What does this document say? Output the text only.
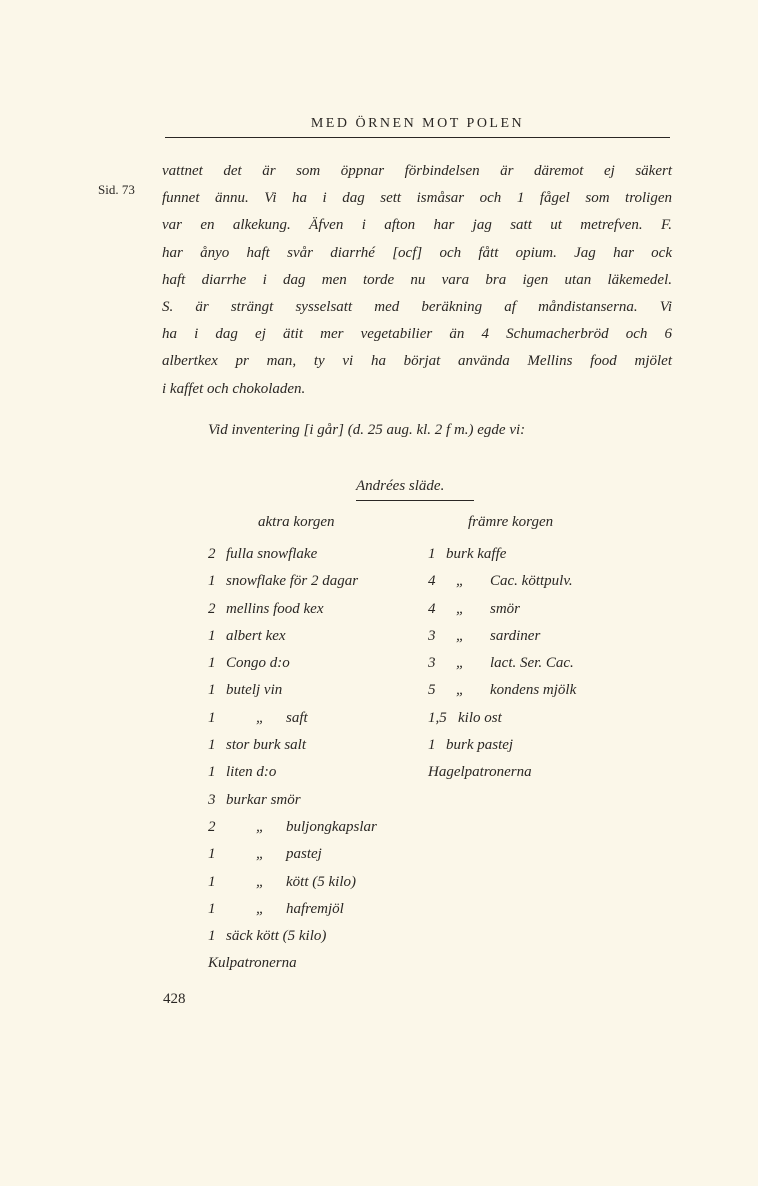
MED ÖRNEN MOT POLEN
Sid. 73
vattnet det är som öppnar förbindelsen är däremot ej säkert
funnet ännu. Vi ha i dag sett ismåsar och 1 fågel som troligen
var en alkekung. Äfven i afton har jag satt ut metrefven. F.
har ånyo haft svår diarrhé [ocf] och fått opium. Jag har ock
haft diarrhe i dag men torde nu vara bra igen utan läkemedel.
S. är strängt sysselsatt med beräkning af måndistanserna. Vi
ha i dag ej ätit mer vegetabilier än 4 Schumacherbröd och 6
albertkex pr man, ty vi ha börjat använda Mellins food mjölet
i kaffet och chokoladen.
Vid inventering [i går] (d. 25 aug. kl. 2 f m.) egde vi:
Andrées släde.
aktra korgen	främre korgen
2 fulla snowflake
1 snowflake för 2 dagar
2 mellins food kex
1 albert kex
1 Congo d:o
1 butelj vin
1	„ saft
1 stor burk salt
1 liten d:o
3 burkar smör
2	„ buljongkapslar
1	„ pastej
1	„ kött (5 kilo)
1	„ hafremjöl
1 säck kött (5 kilo)
Kulpatronerna
1 burk kaffe
4 „ Cac. köttpulv.
4 „ smör
3 „ sardiner
3 „ lact. Ser. Cac.
5 „ kondens mjölk
1,5 kilo ost
1 burk pastej
Hagelpatronerna
428
